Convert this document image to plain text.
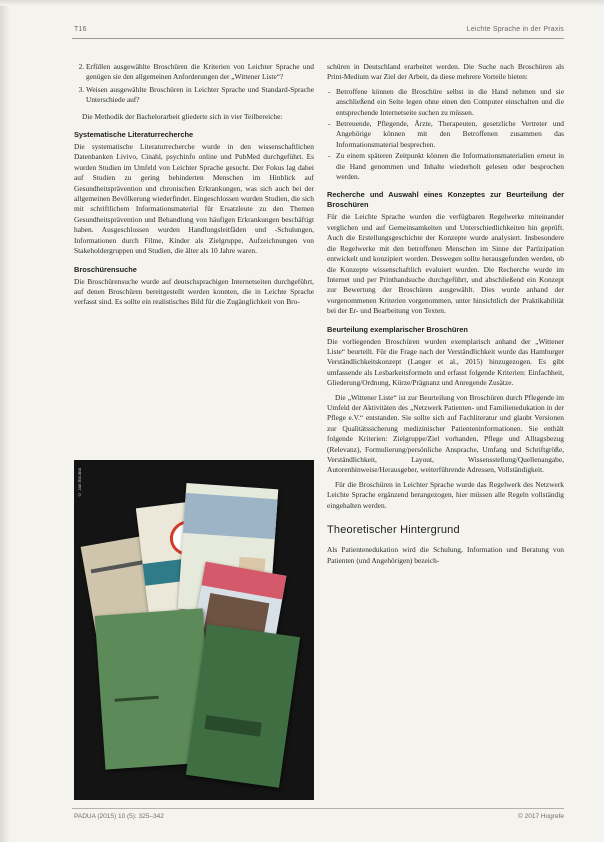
T16	Leichte Sprache in der Praxis
2. Erfüllen ausgewählte Broschüren die Kriterien von Leichter Sprache und genügen sie den allgemeinen Anforderungen der „Wittener Liste“?
3. Weisen ausgewählte Broschüren in Leichter Sprache und Standard-Sprache Unterschiede auf?

Die Methodik der Bachelorarbeit gliederte sich in vier Teilbereiche:

Systematische Literaturrecherche

Die systematische Literaturrecherche wurde in den wissenschaftlichen Datenbanken Livivo, Cinahl, psychinfo online und PubMed durchgeführt. Es wurden Studien im Umfeld von Leichter Sprache gesucht. Der Fokus lag dabei auf Studien zu gering behinderten Menschen im Hinblick auf Gesundheitsprävention und chronischen Erkrankungen, was sich auch bei der allgemeinen Bevölkerung wiederfindet. Eingeschlossen wurden Studien, die sich mit schriftlichem Informationsmaterial für Ersatzleute zu den Themen Gesundheitsprävention und Behandlung von häufigen Erkrankungen beschäftigt haben. Ausgeschlossen wurden Handlungsleitfäden und -Schulungen, Informationen durch Filme, Kinder als Zielgruppe, Aufzeichnungen von Stakeholdergruppen und Studien, die älter als 10 Jahre waren.

Broschürensuche

Die Broschürensuche wurde auf deutschsprachigen Internetseiten durchgeführt, auf denen Broschüren bereitgestellt werden konnten, die in Leichte Sprache verfasst sind. Es sollte ein realistisches Bild für die Zugänglichkeit von Bro-

© Jan Bouma

schüren in Deutschland erarbeitet werden. Die Suche nach Broschüren als Print-Medium war Ziel der Arbeit, da diese mehrere Vorteile bieten:

- Betroffene können die Broschüre selbst in die Hand nehmen und sie anschließend ein Seite legen ohne einen den Computer einschalten und die entsprechende Internetseite suchen zu müssen.
- Betreuende, Pflegende, Ärzte, Therapeuten, gesetzliche Vertreter und Angehörige können mit den Betroffenen zusammen das Informationsmaterial besprechen.
- Zu einem späteren Zeitpunkt können die Informationsmaterialien erneut in die Hand genommen und Inhalte wiederholt gelesen oder besprochen werden.
Recherche und Auswahl eines Konzeptes zur Beurteilung der Broschüren

Für die Leichte Sprache wurden die verfügbaren Regelwerke miteinander verglichen und auf Gemeinsamkeiten und Unterschiedlichkeiten hin geprüft. Auch die Erstellungsgeschichte der Konzepte wurde analysiert. Insbesondere die Regelwerke mit den betroffenen Menschen im Sinne der Partizipation entwickelt und konzipiert worden. Deswegen sollte herausgefunden werden, ob die Konzepte wissenschaftlich evaluiert wurden. Die Recherche wurde im Internet und per Printhandsuche durchgeführt, und abschließend ein Konzept zur Bewertung der Broschüren ausgewählt. Dies wurde anhand der vorgenommenen Kriterien vorgenommen, unter hinsichtlich der Praktikabilität bei der Er- und Bearbeitung von Texten.

Beurteilung exemplarischer Broschüren

Die vorliegenden Broschüren wurden exemplarisch anhand der „Wittener Liste“ beurteilt. Für die Frage nach der Verständlichkeit wurde das Hamburger Verständlichkeitskonzept (Langer et al., 2015) hinzugezogen. Es gibt umfassende als Lesbarkeitsformeln und erfasst folgende Kriterien: Einfachheit, Gliederung/Ordnung, Kürze/Prägnanz und Anregende Zusätze.

Die „Wittener Liste“ ist zur Beurteilung von Broschüren durch Pflegende im Umfeld der Aktivitäten des „Netzwerk Patienten- und Familienedukation in der Pflege e.V.“ entstanden. Sie sollte sich auf Fachliteratur und glaubt Versionen zur Qualitätssicherung medizinischer Patienteninformationen. Sie enthält folgende Kriterien: Zielgruppe/Ziel vorhanden, Pflege und Alltagsbezug (Relevanz), Formulierung/persönliche Ansprache, Umfang und Schriftgröße, Verständlichkeit, Layout, Wissensstellung/Quellenangabe, Autorenhinweise/Herausgeber, weiterführende Adressen, Vollständigkeit.

Für die Broschüren in Leichter Sprache wurde das Regelwerk des Netzwerk Leichte Sprache ergänzend herangezogen, hier müssen alle Regeln vollständig eingehalten werden.

Theoretischer Hintergrund

Als Patientenedukation wird die Schulung, Information und Beratung von Patienten (und Angehörigen) bezeich-

PADUA (2015) 10 (5): 325–342	© 2017 Hogrefe
